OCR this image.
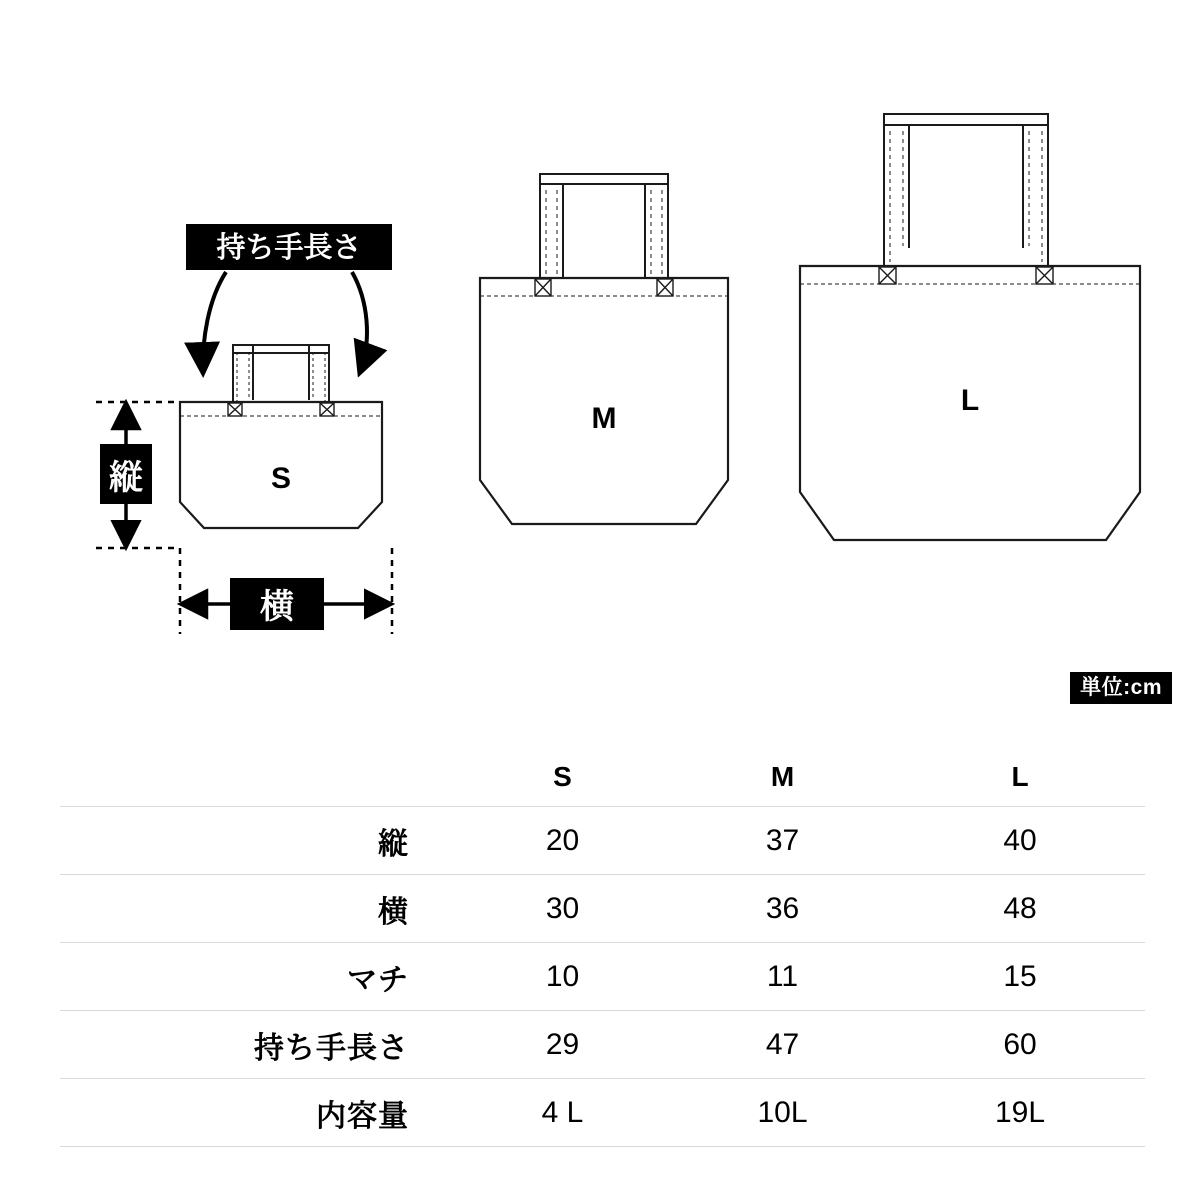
S
持ち手長さ
縦
横
M
L
単位:cm
	S	M	L
縦	20	37	40
横	30	36	48
マチ	10	11	15
持ち手長さ	29	47	60
内容量	4 L	10L	19L
